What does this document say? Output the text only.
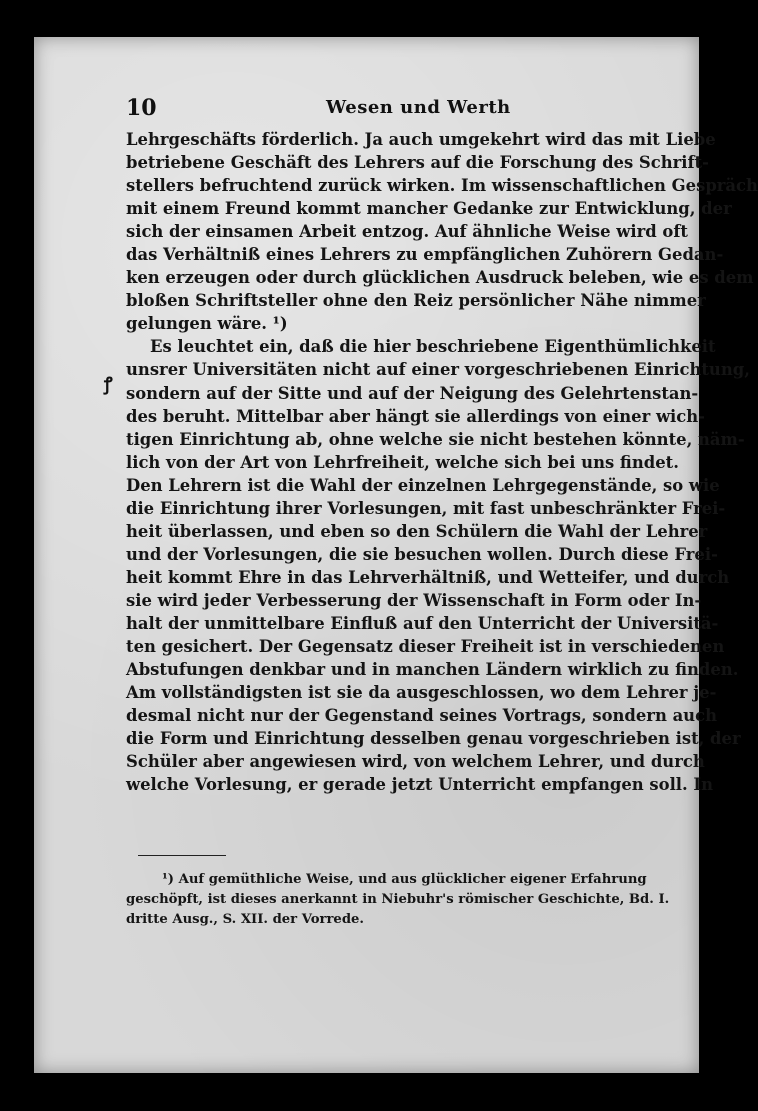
10	Wesen und Werth
ꝭ
Lehrgeschäfts förderlich. Ja auch umgekehrt wird das mit Liebe
betriebene Geschäft des Lehrers auf die Forschung des Schrift-
stellers befruchtend zurück wirken. Im wissenschaftlichen Gespräch
mit einem Freund kommt mancher Gedanke zur Entwicklung, der
sich der einsamen Arbeit entzog. Auf ähnliche Weise wird oft
das Verhältniß eines Lehrers zu empfänglichen Zuhörern Gedan-
ken erzeugen oder durch glücklichen Ausdruck beleben, wie es dem
bloßen Schriftsteller ohne den Reiz persönlicher Nähe nimmer
gelungen wäre. ¹)
Es leuchtet ein, daß die hier beschriebene Eigenthümlichkeit
unsrer Universitäten nicht auf einer vorgeschriebenen Einrichtung,
sondern auf der Sitte und auf der Neigung des Gelehrtenstan-
des beruht. Mittelbar aber hängt sie allerdings von einer wich-
tigen Einrichtung ab, ohne welche sie nicht bestehen könnte, näm-
lich von der Art von Lehrfreiheit, welche sich bei uns findet.
Den Lehrern ist die Wahl der einzelnen Lehrgegenstände, so wie
die Einrichtung ihrer Vorlesungen, mit fast unbeschränkter Frei-
heit überlassen, und eben so den Schülern die Wahl der Lehrer
und der Vorlesungen, die sie besuchen wollen. Durch diese Frei-
heit kommt Ehre in das Lehrverhältniß, und Wetteifer, und durch
sie wird jeder Verbesserung der Wissenschaft in Form oder In-
halt der unmittelbare Einfluß auf den Unterricht der Universitä-
ten gesichert. Der Gegensatz dieser Freiheit ist in verschiedenen
Abstufungen denkbar und in manchen Ländern wirklich zu finden.
Am vollständigsten ist sie da ausgeschlossen, wo dem Lehrer je-
desmal nicht nur der Gegenstand seines Vortrags, sondern auch
die Form und Einrichtung desselben genau vorgeschrieben ist, der
Schüler aber angewiesen wird, von welchem Lehrer, und durch
welche Vorlesung, er gerade jetzt Unterricht empfangen soll. In
¹) Auf gemüthliche Weise, und aus glücklicher eigener Erfahrung
geschöpft, ist dieses anerkannt in Niebuhr's römischer Geschichte, Bd. I.
dritte Ausg., S. XII. der Vorrede.
